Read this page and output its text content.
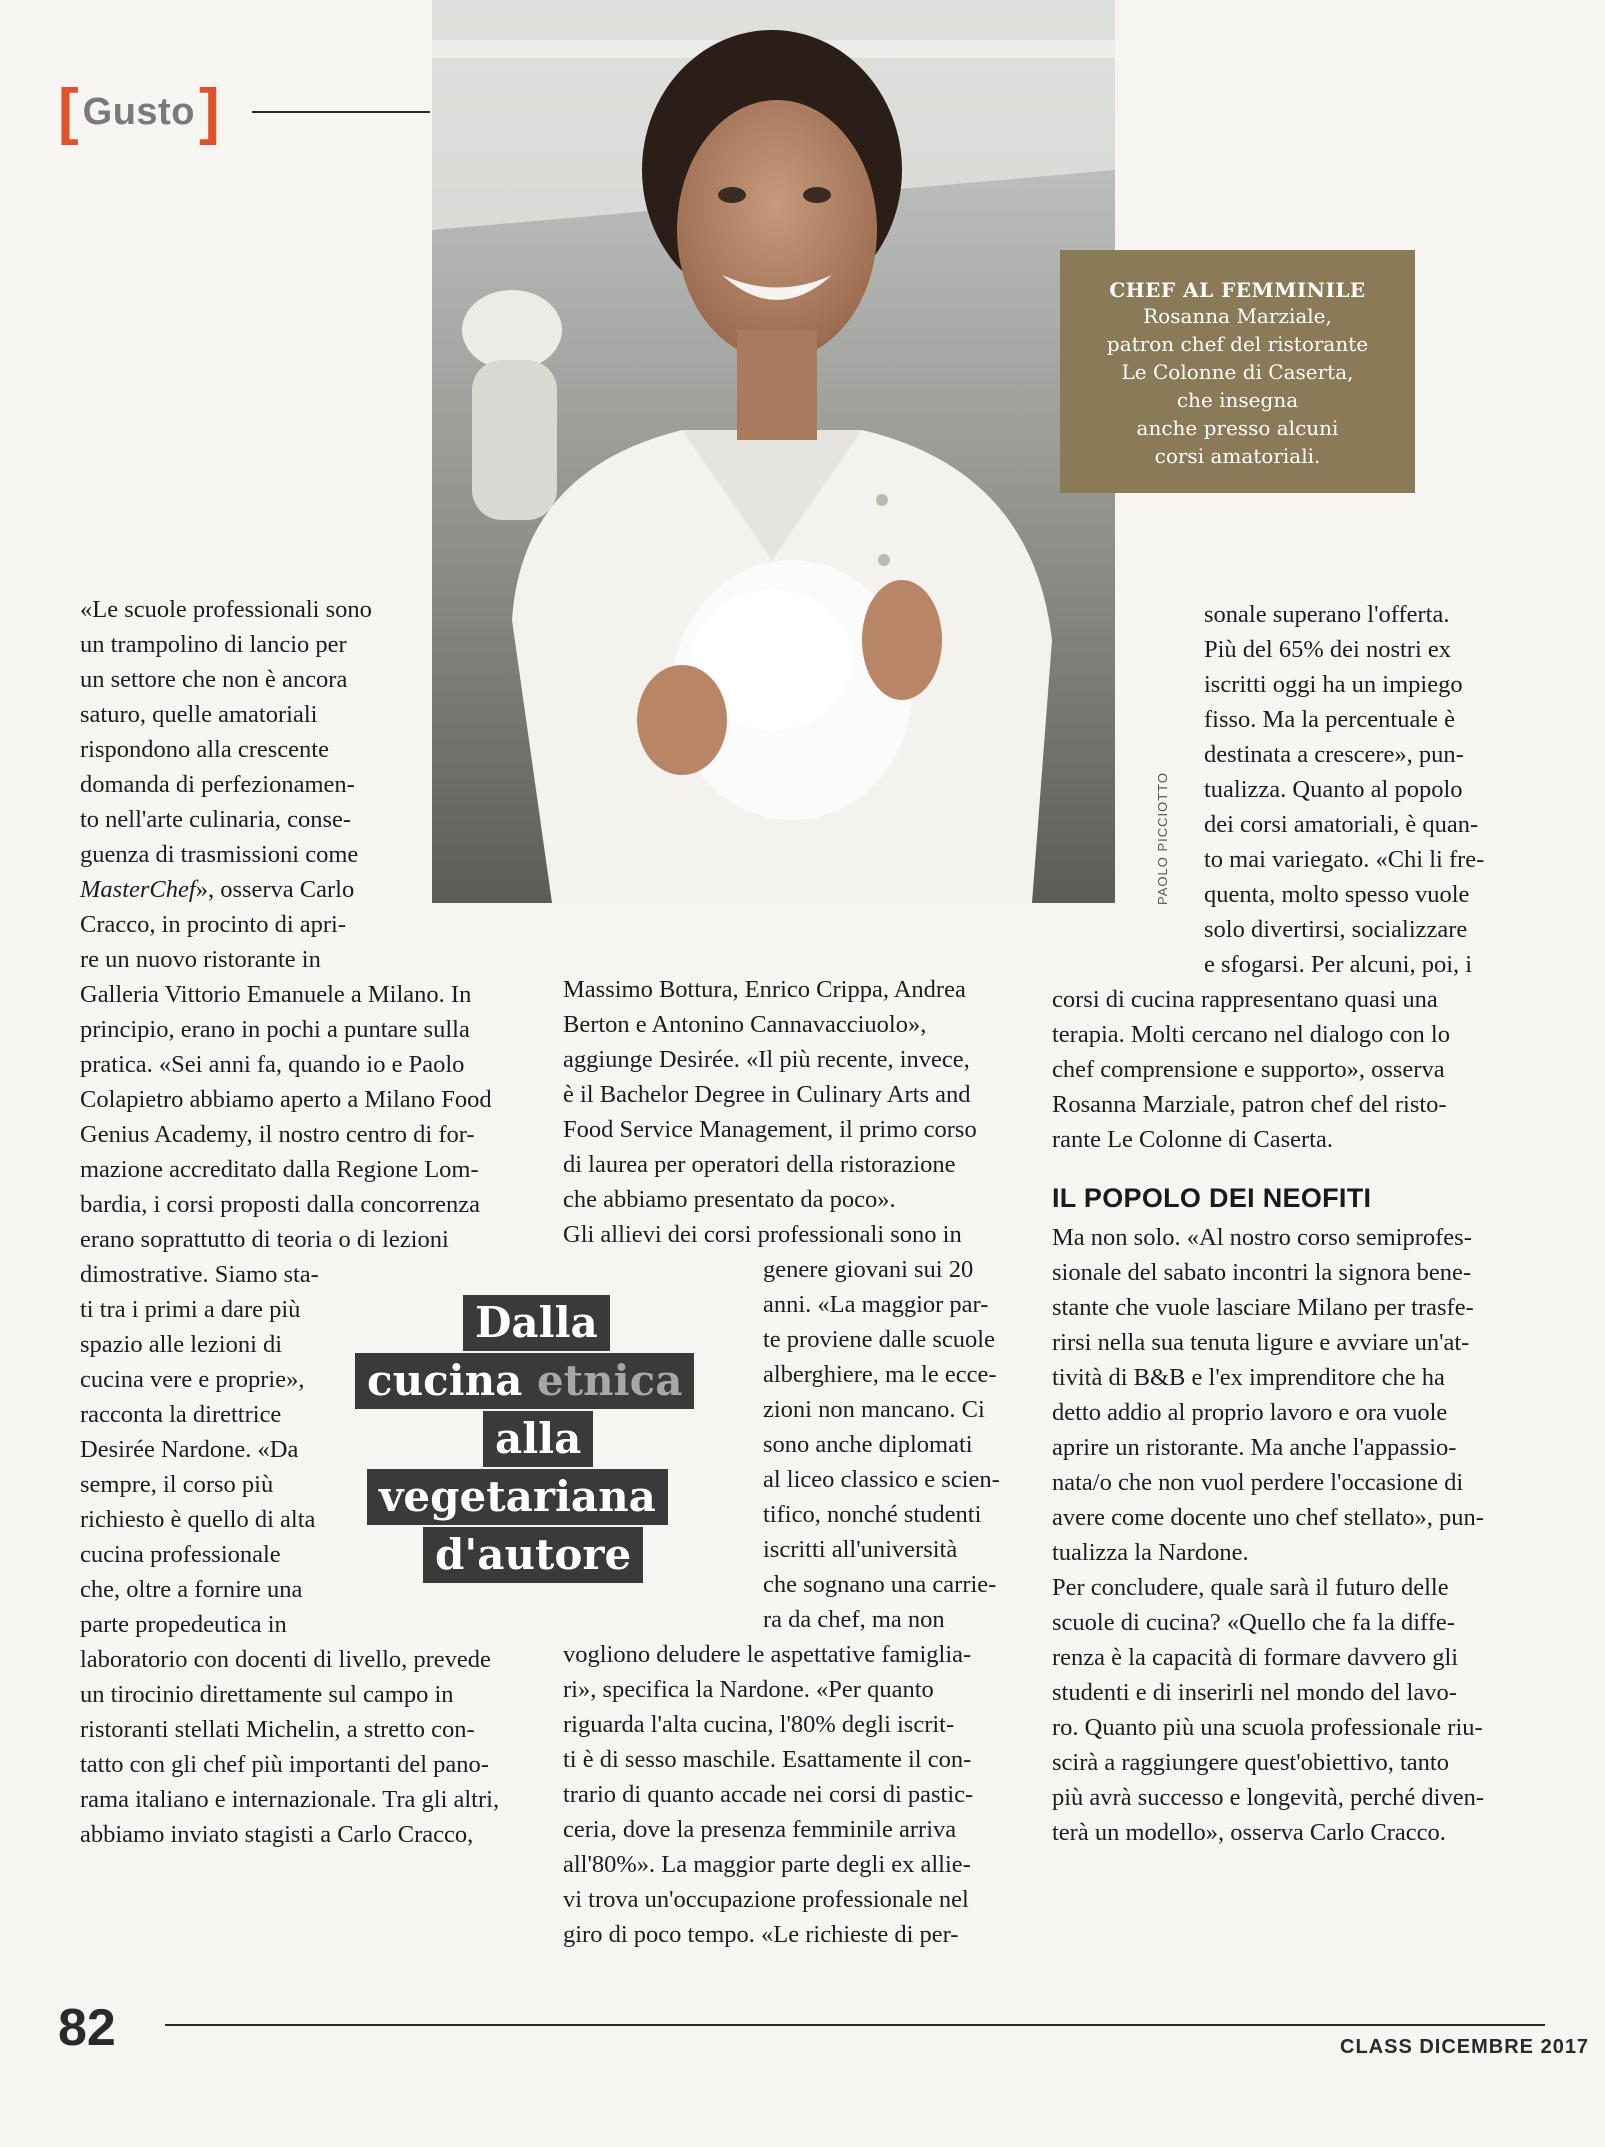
[ Gusto ]
PAOLO PICCIOTTO
CHEF AL FEMMINILE
Rosanna Marziale,
patron chef del ristorante
Le Colonne di Caserta,
che insegna
anche presso alcuni
corsi amatoriali.
«Le scuole professionali sono
un trampolino di lancio per
un settore che non è ancora
saturo, quelle amatoriali
rispondono alla crescente
domanda di perfezionamen-
to nell'arte culinaria, conse-
guenza di trasmissioni come
MasterChef», osserva Carlo
Cracco, in procinto di apri-
re un nuovo ristorante in
Galleria Vittorio Emanuele a Milano. In
principio, erano in pochi a puntare sulla
pratica. «Sei anni fa, quando io e Paolo
Colapietro abbiamo aperto a Milano Food
Genius Academy, il nostro centro di for-
mazione accreditato dalla Regione Lom-
bardia, i corsi proposti dalla concorrenza
erano soprattutto di teoria o di lezioni
dimostrative. Siamo sta-
ti tra i primi a dare più
spazio alle lezioni di
cucina vere e proprie»,
racconta la direttrice
Desirée Nardone. «Da
sempre, il corso più
richiesto è quello di alta
cucina professionale
che, oltre a fornire una
parte propedeutica in
laboratorio con docenti di livello, prevede
un tirocinio direttamente sul campo in
ristoranti stellati Michelin, a stretto con-
tatto con gli chef più importanti del pano-
rama italiano e internazionale. Tra gli altri,
abbiamo inviato stagisti a Carlo Cracco,
Massimo Bottura, Enrico Crippa, Andrea
Berton e Antonino Cannavacciuolo»,
aggiunge Desirée. «Il più recente, invece,
è il Bachelor Degree in Culinary Arts and
Food Service Management, il primo corso
di laurea per operatori della ristorazione
che abbiamo presentato da poco».
Gli allievi dei corsi professionali sono in
genere giovani sui 20
anni. «La maggior par-
te proviene dalle scuole
alberghiere, ma le ecce-
zioni non mancano. Ci
sono anche diplomati
al liceo classico e scien-
tifico, nonché studenti
iscritti all'università
che sognano una carrie-
ra da chef, ma non
vogliono deludere le aspettative famiglia-
ri», specifica la Nardone. «Per quanto
riguarda l'alta cucina, l'80% degli iscrit-
ti è di sesso maschile. Esattamente il con-
trario di quanto accade nei corsi di pastic-
ceria, dove la presenza femminile arriva
all'80%». La maggior parte degli ex allie-
vi trova un'occupazione professionale nel
giro di poco tempo. «Le richieste di per-
sonale superano l'offerta.
Più del 65% dei nostri ex
iscritti oggi ha un impiego
fisso. Ma la percentuale è
destinata a crescere», pun-
tualizza. Quanto al popolo
dei corsi amatoriali, è quan-
to mai variegato. «Chi li fre-
quenta, molto spesso vuole
solo divertirsi, socializzare
e sfogarsi. Per alcuni, poi, i
corsi di cucina rappresentano quasi una
terapia. Molti cercano nel dialogo con lo
chef comprensione e supporto», osserva
Rosanna Marziale, patron chef del risto-
rante Le Colonne di Caserta.
IL POPOLO DEI NEOFITI
Ma non solo. «Al nostro corso semiprofes-
sionale del sabato incontri la signora bene-
stante che vuole lasciare Milano per trasfe-
rirsi nella sua tenuta ligure e avviare un'at-
tività di B&B e l'ex imprenditore che ha
detto addio al proprio lavoro e ora vuole
aprire un ristorante. Ma anche l'appassio-
nata/o che non vuol perdere l'occasione di
avere come docente uno chef stellato», pun-
tualizza la Nardone.
Per concludere, quale sarà il futuro delle
scuole di cucina? «Quello che fa la diffe-
renza è la capacità di formare davvero gli
studenti e di inserirli nel mondo del lavo-
ro. Quanto più una scuola professionale riu-
scirà a raggiungere quest'obiettivo, tanto
più avrà successo e longevità, perché diven-
terà un modello», osserva Carlo Cracco.
Dalla
cucina etnica
alla
vegetariana
d'autore
82	CLASS DICEMBRE 2017
